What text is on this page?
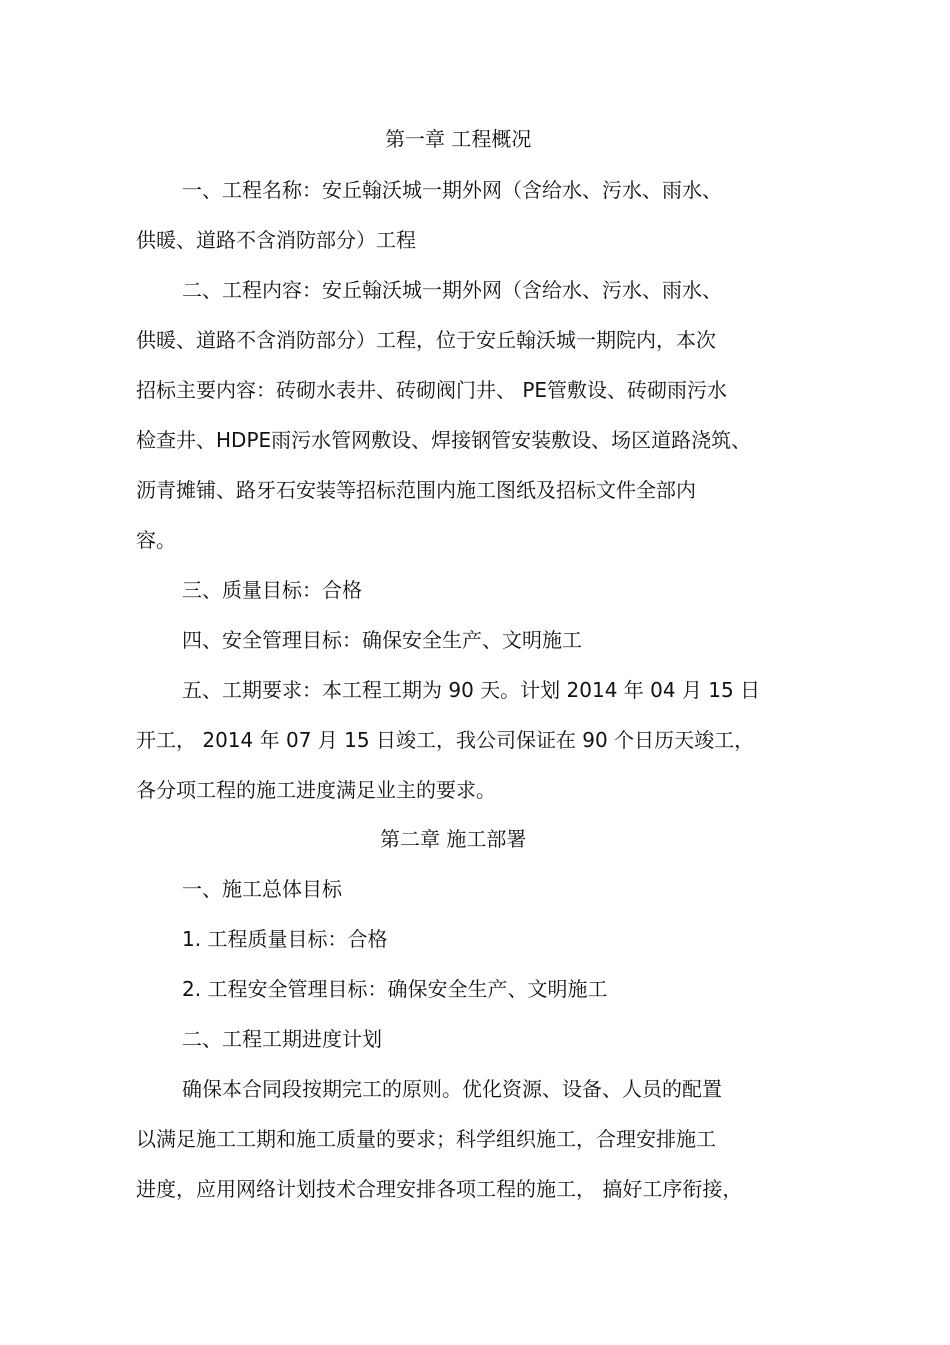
第一章 工程概况
一、工程名称：安丘翰沃城一期外网（含给水、污水、雨水、
供暖、道路不含消防部分）工程
二、工程内容：安丘翰沃城一期外网（含给水、污水、雨水、
供暖、道路不含消防部分）工程，位于安丘翰沃城一期院内，本次
招标主要内容：砖砌水表井、砖砌阀门井、 PE管敷设、砖砌雨污水
检查井、HDPE雨污水管网敷设、焊接钢管安装敷设、场区道路浇筑、
沥青摊铺、路牙石安装等招标范围内施工图纸及招标文件全部内
容。
三、质量目标：合格
四、安全管理目标：确保安全生产、文明施工
五、工期要求：本工程工期为 90 天。计划 2014 年 04 月 15 日
开工， 2014 年 07 月 15 日竣工，我公司保证在 90 个日历天竣工，
各分项工程的施工进度满足业主的要求。
第二章 施工部署
一、施工总体目标
1. 工程质量目标：合格
2. 工程安全管理目标：确保安全生产、文明施工
二、工程工期进度计划
确保本合同段按期完工的原则。优化资源、设备、人员的配置
以满足施工工期和施工质量的要求；科学组织施工，合理安排施工
进度，应用网络计划技术合理安排各项工程的施工， 搞好工序衔接，
